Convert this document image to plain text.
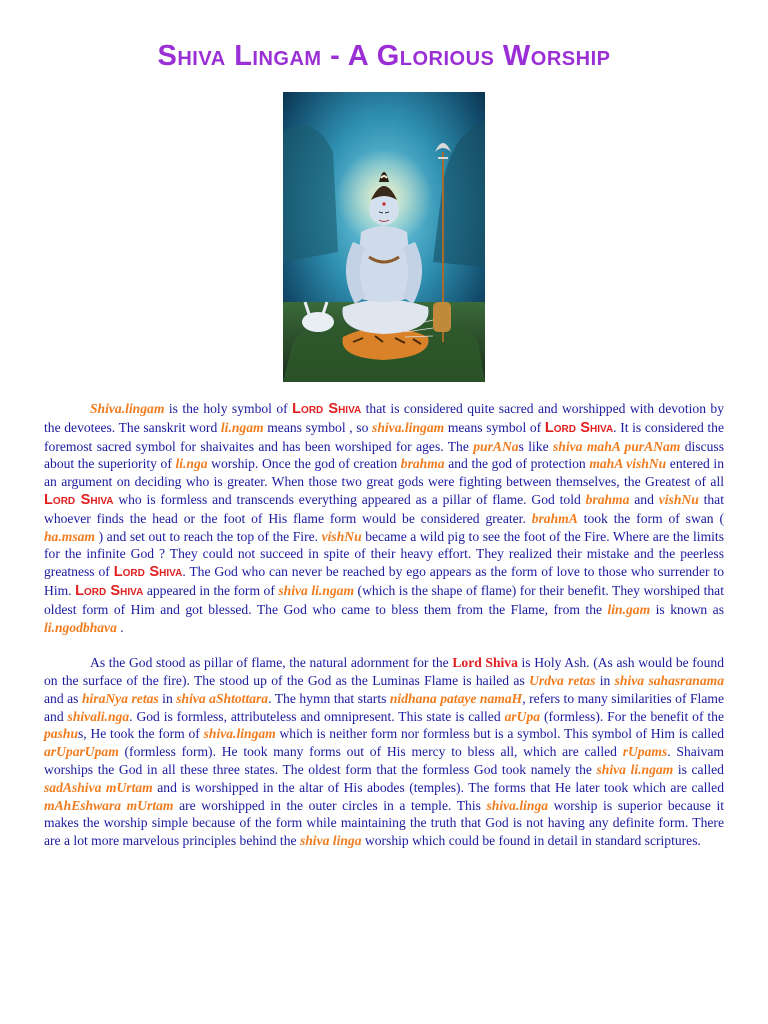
Shiva Lingam - A Glorious Worship

Shiva.lingam is the holy symbol of Lord Shiva that is considered quite sacred and worshipped with devotion by the devotees. The sanskrit word li.ngam means symbol , so shiva.lingam means symbol of Lord Shiva. It is considered the foremost sacred symbol for shaivaites and has been worshiped for ages. The purANas like shiva mahA purANam discuss about the superiority of li.nga worship. Once the god of creation brahma and the god of protection mahA vishNu entered in an argument on deciding who is greater. When those two great gods were fighting between themselves, the Greatest of all Lord Shiva who is formless and transcends everything appeared as a pillar of flame. God told brahma and vishNu that whoever finds the head or the foot of His flame form would be considered greater. brahmA took the form of swan ( ha.msam ) and set out to reach the top of the Fire. vishNu became a wild pig to see the foot of the Fire. Where are the limits for the infinite God ? They could not succeed in spite of their heavy effort. They realized their mistake and the peerless greatness of Lord Shiva. The God who can never be reached by ego appears as the form of love to those who surrender to Him. Lord Shiva appeared in the form of shiva li.ngam (which is the shape of flame) for their benefit. They worshiped that oldest form of Him and got blessed. The God who came to bless them from the Flame, from the lin.gam is known as li.ngodbhava .

As the God stood as pillar of flame, the natural adornment for the Lord Shiva is Holy Ash. (As ash would be found on the surface of the fire). The stood up of the God as the Luminas Flame is hailed as Urdva retas in shiva sahasranama and as hiraNya retas in shiva aShtottara. The hymn that starts nidhana pataye namaH, refers to many similarities of Flame and shivali.nga. God is formless, attributeless and omnipresent. This state is called arUpa (formless). For the benefit of the pashus, He took the form of shiva.lingam which is neither form nor formless but is a symbol. This symbol of Him is called arUparUpam (formless form). He took many forms out of His mercy to bless all, which are called rUpams. Shaivam worships the God in all these three states. The oldest form that the formless God took namely the shiva li.ngam is called sadAshiva mUrtam and is worshipped in the altar of His abodes (temples). The forms that He later took which are called mAhEshwara mUrtam are worshipped in the outer circles in a temple. This shiva.linga worship is superior because it makes the worship simple because of the form while maintaining the truth that God is not having any definite form. There are a lot more marvelous principles behind the shiva linga worship which could be found in detail in standard scriptures.
